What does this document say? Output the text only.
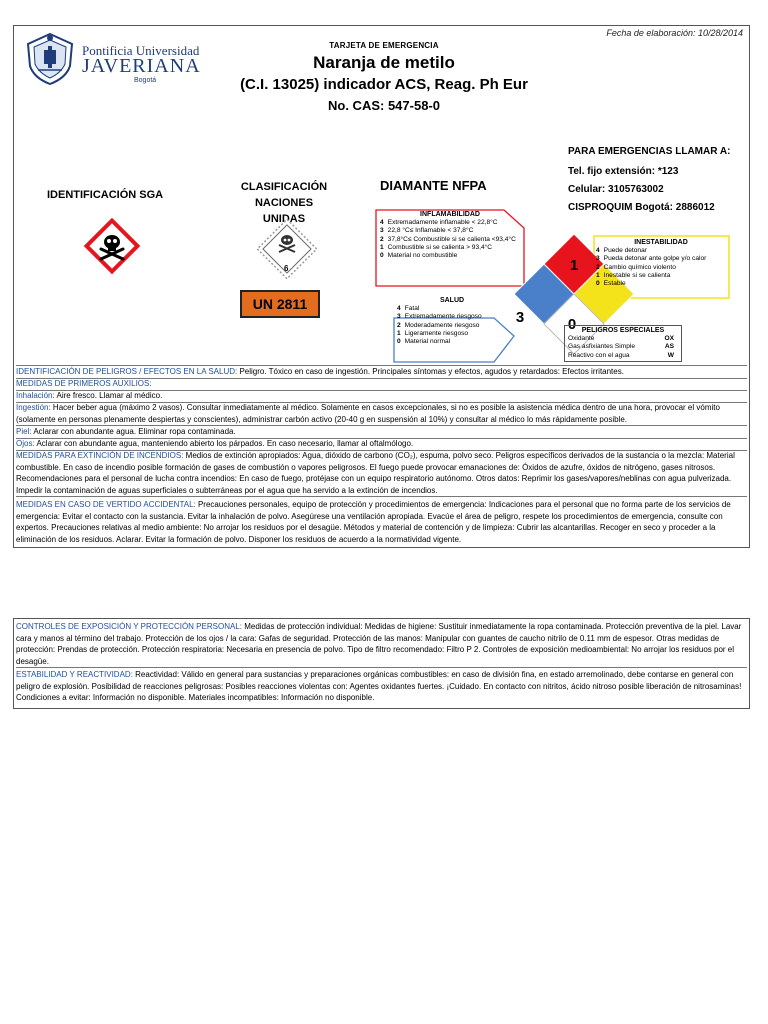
Fecha de elaboración: 10/28/2014
Pontificia Universidad
JAVERIANA
Bogotá
TARJETA DE EMERGENCIA
Naranja de metilo
(C.I. 13025) indicador ACS, Reag. Ph Eur
No. CAS: 547-58-0
PARA EMERGENCIAS LLAMAR A:
Tel. fijo extensión: *123
Celular: 3105763002
CISPROQUIM Bogotá: 2886012
IDENTIFICACIÓN SGA
CLASIFICACIÓN
NACIONES UNIDAS
6
UN 2811
DIAMANTE NFPA
1
3	0
INFLAMABILIDAD
4 Extremadamente inflamable < 22,8°C
3 22,8 °C≤ Inflamable < 37,8°C
2 37,8°C≤ Combustible si se calienta <93,4°C
1 Combustible si se calienta > 93,4°C
0 Material no combustible
INESTABILIDAD
4 Puede detonar
3 Pueda detonar ante golpe y/o calor
2 Cambio químico violento
1 Inestable si se calienta
0 Estable
SALUD
4 Fatal
3 Extremadamente riesgoso
2 Moderadamente riesgoso
1 Ligeramente riesgoso
0 Material normal
PELIGROS ESPECIALES
Oxidante	OX
Gas asfixiantes Simple	AS
Reactivo con el agua	W
IDENTIFICACIÓN DE PELIGROS / EFECTOS EN LA SALUD: Peligro. Tóxico en caso de ingestión. Principales síntomas y efectos, agudos y retardados: Efectos irritantes.
MEDIDAS DE PRIMEROS AUXILIOS:
Inhalación: Aire fresco. Llamar al médico.
Ingestión: Hacer beber agua (máximo 2 vasos). Consultar inmediatamente al médico. Solamente en casos excepcionales, si no es posible la asistencia médica dentro de una hora, provocar el vómito (solamente en personas plenamente despiertas y conscientes), administrar carbón activo (20-40 g en suspensión al 10%) y consultar al médico lo más rápidamente posible.
Piel: Aclarar con abundante agua. Eliminar ropa contaminada.
Ojos: Aclarar con abundante agua, manteniendo abierto los párpados. En caso necesario, llamar al oftalmólogo.
MEDIDAS PARA EXTINCIÓN DE INCENDIOS: Medios de extinción apropiados: Agua, dióxido de carbono (CO₂), espuma, polvo seco. Peligros específicos derivados de la sustancia o la mezcla: Material combustible. En caso de incendio posible formación de gases de combustión o vapores peligrosos. El fuego puede provocar emanaciones de: Óxidos de azufre, óxidos de nitrógeno, gases nitrosos. Recomendaciones para el personal de lucha contra incendios: En caso de fuego, protéjase con un equipo respiratorio autónomo. Otros datos: Reprimir los gases/vapores/neblinas con agua pulverizada. Impedir la contaminación de aguas superficiales o subterráneas por el agua que ha servido a la extinción de incendios.
MEDIDAS EN CASO DE VERTIDO ACCIDENTAL: Precauciones personales, equipo de protección y procedimientos de emergencia: Indicaciones para el personal que no forma parte de los servicios de emergencia: Evitar el contacto con la sustancia. Evitar la inhalación de polvo. Asegúrese una ventilación apropiada. Evacúe el área de peligro, respete los procedimientos de emergencia, consulte con expertos. Precauciones relativas al medio ambiente: No arrojar los residuos por el desagüe. Métodos y material de contención y de limpieza: Cubrir las alcantarillas. Recoger en seco y proceder a la eliminación de los residuos. Aclarar. Evitar la formación de polvo. Disponer los residuos de acuerdo a la normatividad vigente.
CONTROLES DE EXPOSICIÓN Y PROTECCIÓN PERSONAL: Medidas de protección individual: Medidas de higiene: Sustituir inmediatamente la ropa contaminada. Protección preventiva de la piel. Lavar cara y manos al término del trabajo. Protección de los ojos / la cara: Gafas de seguridad. Protección de las manos: Manipular con guantes de caucho nitrilo de 0.11 mm de espesor. Otras medidas de protección: Prendas de protección. Protección respiratoria: Necesaria en presencia de polvo. Tipo de filtro recomendado: Filtro P 2. Controles de exposición medioambiental: No arrojar los residuos por el desagüe.
ESTABILIDAD Y REACTIVIDAD: Reactividad: Válido en general para sustancias y preparaciones orgánicas combustibles: en caso de división fina, en estado arremolinado, debe contarse en general con peligro de explosión. Posibilidad de reacciones peligrosas: Posibles reacciones violentas con: Agentes oxidantes fuertes. ¡Cuidado. En contacto con nitritos, ácido nitroso posible liberación de nitrosaminas! Condiciones a evitar: Información no disponible. Materiales incompatibles: Información no disponible.
